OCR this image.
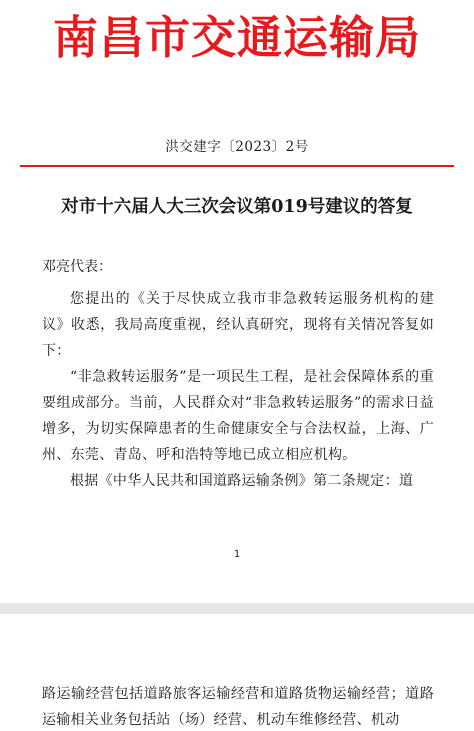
南昌市交通运输局
洪交建字〔2023〕2号
对市十六届人大三次会议第019号建议的答复
邓亮代表：

您提出的《关于尽快成立我市非急救转运服务机构的建议》收悉，我局高度重视，经认真研究，现将有关情况答复如下：

“非急救转运服务”是一项民生工程，是社会保障体系的重要组成部分。当前，人民群众对“非急救转运服务”的需求日益增多，为切实保障患者的生命健康安全与合法权益，上海、广州、东莞、青岛、呼和浩特等地已成立相应机构。

根据《中华人民共和国道路运输条例》第二条规定：道

1

路运输经营包括道路旅客运输经营和道路货物运输经营；道路运输相关业务包括站（场）经营、机动车维修经营、机动
